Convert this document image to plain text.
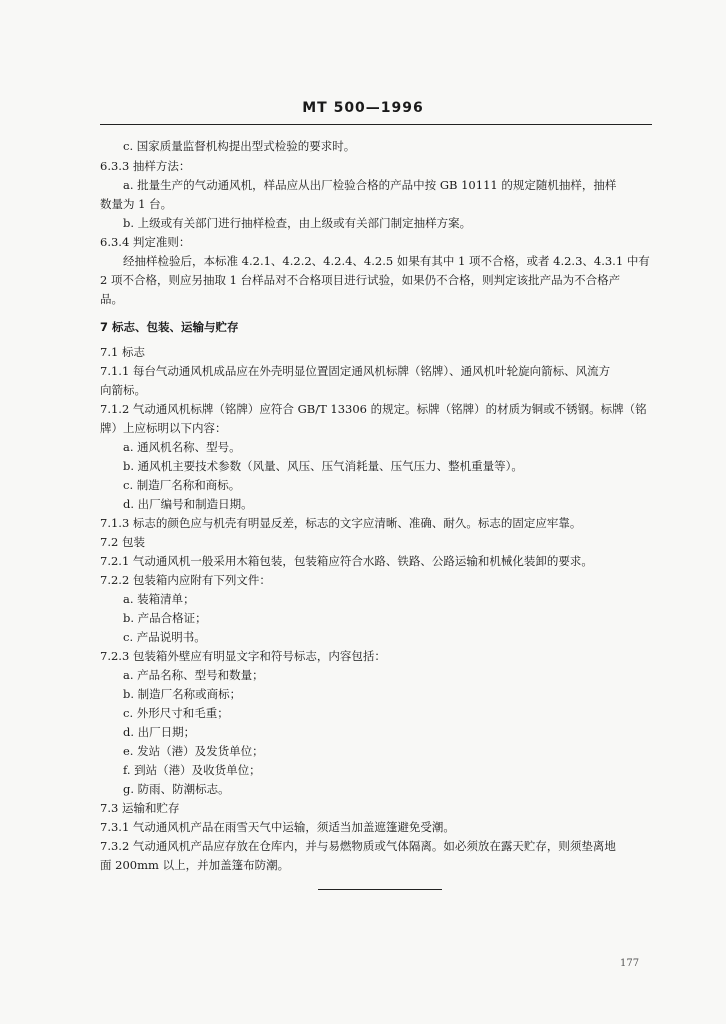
MT 500—1996
c. 国家质量监督机构提出型式检验的要求时。
6.3.3 抽样方法：
a. 批量生产的气动通风机，样品应从出厂检验合格的产品中按 GB 10111 的规定随机抽样，抽样
数量为 1 台。
b. 上级或有关部门进行抽样检查，由上级或有关部门制定抽样方案。
6.3.4 判定准则：
经抽样检验后，本标准 4.2.1、4.2.2、4.2.4、4.2.5 如果有其中 1 项不合格，或者 4.2.3、4.3.1 中有
2 项不合格，则应另抽取 1 台样品对不合格项目进行试验，如果仍不合格，则判定该批产品为不合格产
品。
7 标志、包装、运输与贮存
7.1 标志
7.1.1 每台气动通风机成品应在外壳明显位置固定通风机标牌（铭牌）、通风机叶轮旋向箭标、风流方
向箭标。
7.1.2 气动通风机标牌（铭牌）应符合 GB/T 13306 的规定。标牌（铭牌）的材质为铜或不锈钢。标牌（铭
牌）上应标明以下内容：
a. 通风机名称、型号。
b. 通风机主要技术参数（风量、风压、压气消耗量、压气压力、整机重量等）。
c. 制造厂名称和商标。
d. 出厂编号和制造日期。
7.1.3 标志的颜色应与机壳有明显反差，标志的文字应清晰、准确、耐久。标志的固定应牢靠。
7.2 包装
7.2.1 气动通风机一般采用木箱包装，包装箱应符合水路、铁路、公路运输和机械化装卸的要求。
7.2.2 包装箱内应附有下列文件：
a. 装箱清单；
b. 产品合格证；
c. 产品说明书。
7.2.3 包装箱外壁应有明显文字和符号标志，内容包括：
a. 产品名称、型号和数量；
b. 制造厂名称或商标；
c. 外形尺寸和毛重；
d. 出厂日期；
e. 发站（港）及发货单位；
f. 到站（港）及收货单位；
g. 防雨、防潮标志。
7.3 运输和贮存
7.3.1 气动通风机产品在雨雪天气中运输，须适当加盖遮篷避免受潮。
7.3.2 气动通风机产品应存放在仓库内，并与易燃物质或气体隔离。如必须放在露天贮存，则须垫离地
面 200mm 以上，并加盖篷布防潮。
177
